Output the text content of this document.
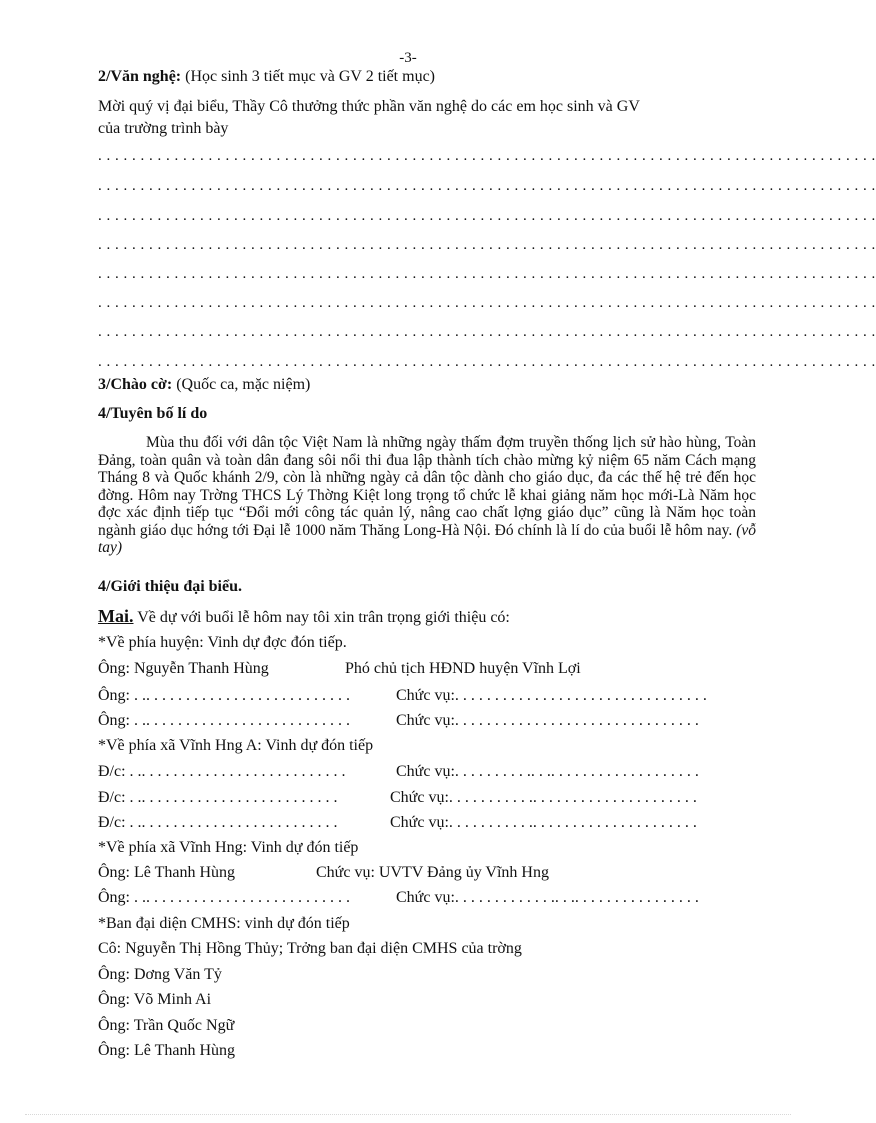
-3-
2/Văn nghệ: (Học sinh 3 tiết mục và GV 2 tiết mục)
Mời quý vị đại biểu, Thầy Cô thưởng thức phần văn nghệ do các em học sinh và GV
của trường trình bày
. . . . . . . . . . . . . . . . . . . . . . . . . . . . . . . . . . . . . . . . . . . . . . . . . . . . . . . . . . . . . . . . . . . . . . . . . . . . . . . . . . . . . . . . . . . .
. . . . . . . . . . . . . . . . . . . . . . . . . . . . . . . . . . . . . . . . . . . . . . . . . . . . . . . . . . . . . . . . . . . . . . . . . . . . . . . . . . . . . . . . . . . .
. . . . . . . . . . . . . . . . . . . . . . . . . . . . . . . . . . . . . . . . . . . . . . . . . . . . . . . . . . . . . . . . . . . . . . . . . . . . . . . . . . . . . . . . . . . .
. . . . . . . . . . . . . . . . . . . . . . . . . . . . . . . . . . . . . . . . . . . . . . . . . . . . . . . . . . . . . . . . . . . . . . . . . . . . . . . . . . . . . . . . . . . .
. . . . . . . . . . . . . . . . . . . . . . . . . . . . . . . . . . . . . . . . . . . . . . . . . . . . . . . . . . . . . . . . . . . . . . . . . . . . . . . . . . . . . . . . . . . .
. . . . . . . . . . . . . . . . . . . . . . . . . . . . . . . . . . . . . . . . . . . . . . . . . . . . . . . . . . . . . . . . . . . . . . . . . . . . . . . . . . . . . . . . . . . .
. . . . . . . . . . . . . . . . . . . . . . . . . . . . . . . . . . . . . . . . . . . . . . . . . . . . . . . . . . . . . . . . . . . . . . . . . . . . . . . . . . . . . . . . . . . .
. . . . . . . . . . . . . . . . . . . . . . . . . . . . . . . . . . . . . . . . . . . . . . . . . . . . . . . . . . . . . . . . . . . . . . . . . . . . . . . . . . . . . . . . . . . .
3/Chào cờ: (Quốc ca, mặc niệm)
4/Tuyên bố lí do
Mùa thu đối với dân tộc Việt Nam là những ngày thấm đợm truyền thống lịch sử hào hùng, Toàn Đảng, toàn quân và toàn dân đang sôi nổi thi đua lập thành tích chào mừng kỷ niệm 65 năm Cách mạng Tháng 8 và Quốc khánh 2/9, còn là những ngày cả dân tộc dành cho giáo dục, đa các thế hệ trẻ đến học đờng. Hôm nay Trờng THCS Lý Thờng Kiệt long trọng tổ chức lễ khai giảng năm học mới-Là Năm học đợc xác định tiếp tục “Đổi mới công tác quản lý, nâng cao chất lợng giáo dục” cũng là Năm học toàn ngành giáo dục hớng tới Đại lễ 1000 năm Thăng Long-Hà Nội. Đó chính là lí do của buổi lễ hôm nay. (vỗ tay)
4/Giới thiệu đại biểu.
Mai. Về dự với buổi lễ hôm nay tôi xin trân trọng giới thiệu có:
*Về phía huyện: Vinh dự đợc đón tiếp.
Ông: Nguyễn Thanh Hùng	Phó chủ tịch HĐND huyện Vĩnh Lợi
Ông: . .. . . . . . . . . . . . . . . . . . . . . . . . . .	Chức vụ:. . . . . . . . . . . . . . . . . . . . . . . . . . . . . . . .
Ông: . .. . . . . . . . . . . . . . . . . . . . . . . . . .	Chức vụ:. . . . . . . . . . . . . . . . . . . . . . . . . . . . . . .
*Về phía xã Vĩnh Hng A: Vinh dự đón tiếp
Đ/c: . .. . . . . . . . . . . . . . . . . . . . . . . . . .	Chức vụ:. . . . . . . . . .. . .. . . . . . . . . . . . . . . . . . .
Đ/c: . .. . . . . . . . . . . . . . . . . . . . . . . . .	Chức vụ:. . . . . . . . . . .. . . . . . . . . . . . . . . . . . . . .
Đ/c: . .. . . . . . . . . . . . . . . . . . . . . . . . .	Chức vụ:. . . . . . . . . . .. . . . . . . . . . . . . . . . . . . . .
*Về phía xã Vĩnh Hng: Vinh dự đón tiếp
Ông: Lê Thanh Hùng	Chức vụ: UVTV Đảng ủy Vĩnh Hng
Ông: . .. . . . . . . . . . . . . . . . . . . . . . . . . .	Chức vụ:. . . . . . . . . . . . .. . .. . . . . . . . . . . . . . . .
*Ban đại diện CMHS: vinh dự đón tiếp
Cô: Nguyễn Thị Hồng Thủy; Trởng ban đại diện CMHS của trờng
Ông: Dơng Văn Tỷ
Ông: Võ Minh Ai
Ông: Trần Quốc Ngữ
Ông: Lê Thanh Hùng
